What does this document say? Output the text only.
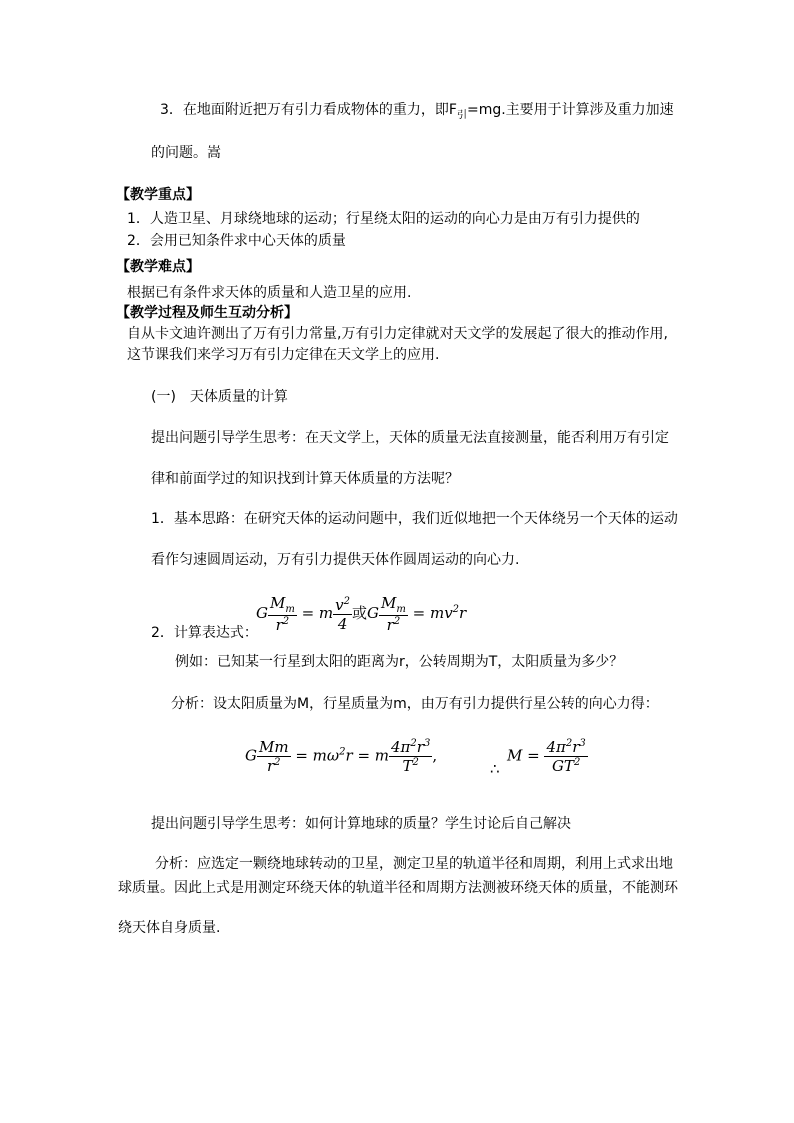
3．在地面附近把万有引力看成物体的重力，即$F_引=mg$.主要用于计算涉及重力加速
的问题。嵩
【教学重点】
1．人造卫星、月球绕地球的运动；行星绕太阳的运动的向心力是由万有引力提供的
2．会用已知条件求中心天体的质量
【教学难点】
根据已有条件求天体的质量和人造卫星的应用.
【教学过程及师生互动分析】
自从卡文迪许测出了万有引力常量,万有引力定律就对天文学的发展起了很大的推动作用,
这节课我们来学习万有引力定律在天文学上的应用.
(一)　天体质量的计算
提出问题引导学生思考：在天文学上，天体的质量无法直接测量，能否利用万有引定
律和前面学过的知识找到计算天体质量的方法呢？
1．基本思路：在研究天体的运动问题中，我们近似地把一个天体绕另一个天体的运动
看作匀速圆周运动，万有引力提供天体作圆周运动的向心力.
2．计算表达式：
G $\frac{M_m}{r^2} = m \frac{v^2}{4}$ 或G $\frac{M_m}{r^2} = mv^2r$
例如：已知某一行星到太阳的距离为r，公转周期为T，太阳质量为多少？
分析：设太阳质量为M，行星质量为m，由万有引力提供行星公转的向心力得：
G $\frac{Mm}{r^2} = m\omega^2r = m \frac{4\pi^2r^3}{T^2}$ ,
∴
$M = \frac{4\pi^2r^3}{GT^2}$
提出问题引导学生思考：如何计算地球的质量？学生讨论后自己解决
分析：应选定一颗绕地球转动的卫星，测定卫星的轨道半径和周期，利用上式求出地
球质量。因此上式是用测定环绕天体的轨道半径和周期方法测被环绕天体的质量，不能测环
绕天体自身质量.
